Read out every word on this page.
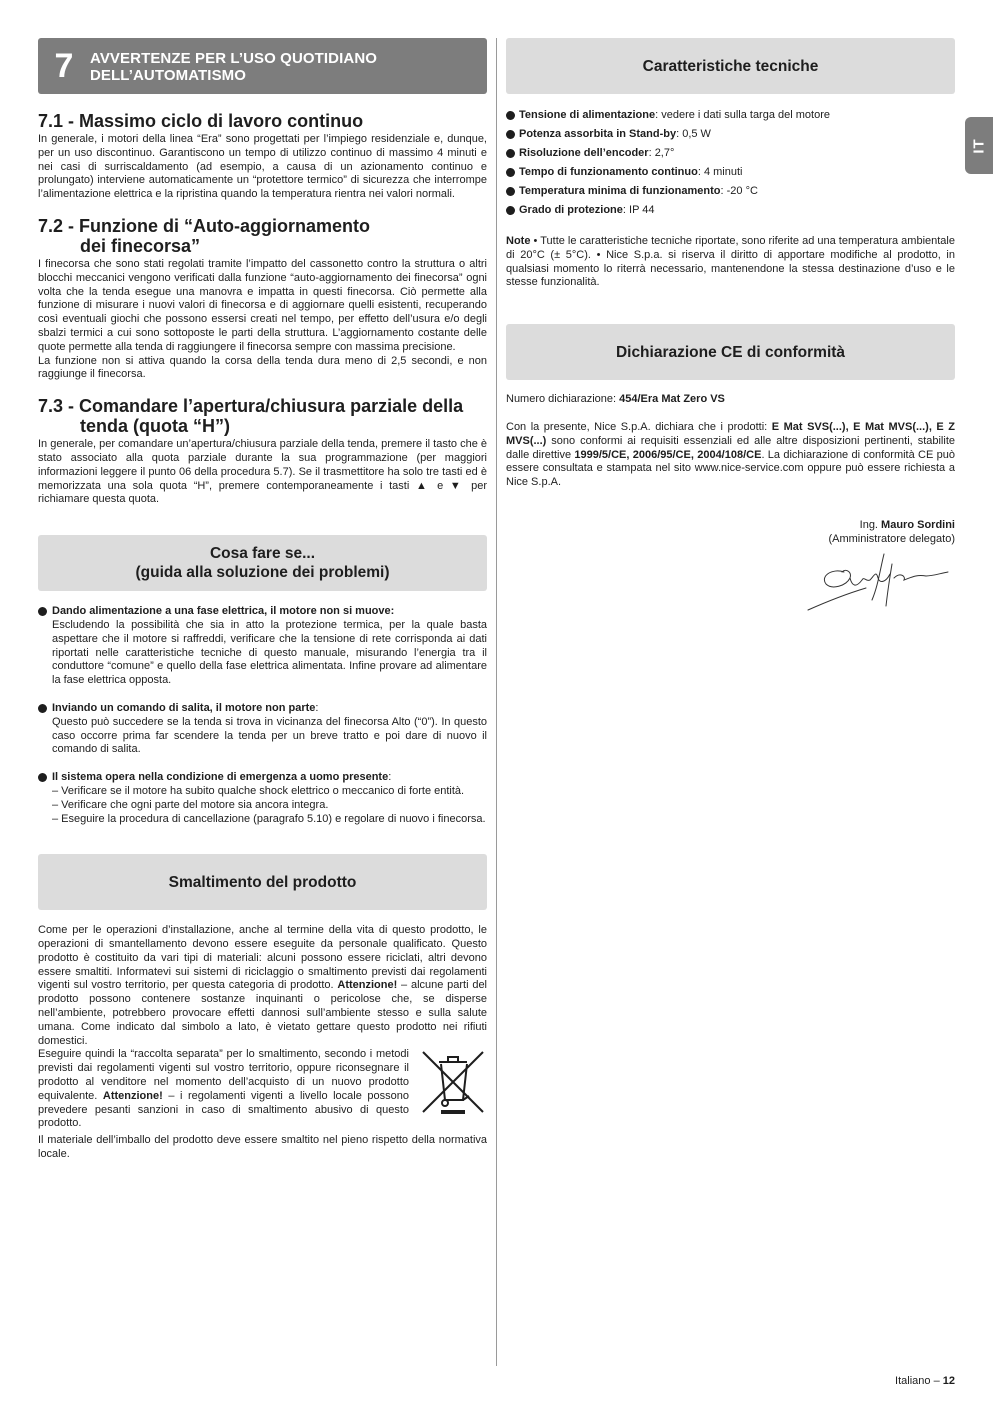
7	AVVERTENZE PER L’USO QUOTIDIANO
DELL’AUTOMATISMO
7.1 - Massimo ciclo di lavoro continuo

In generale, i motori della linea “Era” sono progettati per l’impiego residenziale e, dunque, per un uso discontinuo. Garantiscono un tempo di utilizzo continuo di massimo 4 minuti e nei casi di surriscaldamento (ad esempio, a causa di un azionamento continuo e prolungato) interviene automaticamente un “protettore termico” di sicurezza che interrompe l’alimentazione elettrica e la ripristina quando la temperatura rientra nei valori normali.

7.2 - Funzione di “Auto-aggiornamento
dei finecorsa”

I finecorsa che sono stati regolati tramite l’impatto del cassonetto contro la struttura o altri blocchi meccanici vengono verificati dalla funzione “auto-aggiornamento dei finecorsa” ogni volta che la tenda esegue una manovra e impatta in questi finecorsa. Ciò permette alla funzione di misurare i nuovi valori di finecorsa e di aggiornare quelli esistenti, recuperando così eventuali giochi che possono essersi creati nel tempo, per effetto dell’usura e/o degli sbalzi termici a cui sono sottoposte le parti della struttura. L’aggiornamento costante delle quote permette alla tenda di raggiungere il finecorsa sempre con massima precisione.

La funzione non si attiva quando la corsa della tenda dura meno di 2,5 secondi, e non raggiunge il finecorsa.

7.3 - Comandare l’apertura/chiusura parziale della
tenda (quota “H”)

In generale, per comandare un’apertura/chiusura parziale della tenda, premere il tasto che è stato associato alla quota parziale durante la sua programmazione (per maggiori informazioni leggere il punto 06 della procedura 5.7). Se il trasmettitore ha solo tre tasti ed è memorizzata una sola quota “H”, premere contemporaneamente i tasti ▲ e ▼ per richiamare questa quota.

Cosa fare se...
(guida alla soluzione dei problemi)
Dando alimentazione a una fase elettrica, il motore non si muove:
Escludendo la possibilità che sia in atto la protezione termica, per la quale basta aspettare che il motore si raffreddi, verificare che la tensione di rete corrisponda ai dati riportati nelle caratteristiche tecniche di questo manuale, misurando l’energia tra il conduttore “comune” e quello della fase elettrica alimentata. Infine provare ad alimentare la fase elettrica opposta.
Inviando un comando di salita, il motore non parte:
Questo può succedere se la tenda si trova in vicinanza del finecorsa Alto (“0”). In questo caso occorre prima far scendere la tenda per un breve tratto e poi dare di nuovo il comando di salita.
Il sistema opera nella condizione di emergenza a uomo presente:
– Verificare se il motore ha subito qualche shock elettrico o meccanico di forte entità.
– Verificare che ogni parte del motore sia ancora integra.
– Eseguire la procedura di cancellazione (paragrafo 5.10) e regolare di nuovo i finecorsa.
Smaltimento del prodotto

Come per le operazioni d’installazione, anche al termine della vita di questo prodotto, le operazioni di smantellamento devono essere eseguite da personale qualificato. Questo prodotto è costituito da vari tipi di materiali: alcuni possono essere riciclati, altri devono essere smaltiti. Informatevi sui sistemi di riciclaggio o smaltimento previsti dai regolamenti vigenti sul vostro territorio, per questa categoria di prodotto. Attenzione! – alcune parti del prodotto possono contenere sostanze inquinanti o pericolose che, se disperse nell’ambiente, potrebbero provocare effetti dannosi sull’ambiente stesso e sulla salute umana. Come indicato dal simbolo a lato, è vietato gettare questo prodotto nei rifiuti domestici.

Eseguire quindi la “raccolta separata” per lo smaltimento, secondo i metodi previsti dai regolamenti vigenti sul vostro territorio, oppure riconsegnare il prodotto al venditore nel momento dell’acquisto di un nuovo prodotto equivalente. Attenzione! – i regolamenti vigenti a livello locale possono prevedere pesanti sanzioni in caso di smaltimento abusivo di questo prodotto.

Il materiale dell’imballo del prodotto deve essere smaltito nel pieno rispetto della normativa locale.

Caratteristiche tecniche
Tensione di alimentazione: vedere i dati sulla targa del motore
Potenza assorbita in Stand-by: 0,5 W
Risoluzione dell’encoder: 2,7°
Tempo di funzionamento continuo: 4 minuti
Temperatura minima di funzionamento: -20 °C
Grado di protezione: IP 44

Note • Tutte le caratteristiche tecniche riportate, sono riferite ad una temperatura ambientale di 20°C (± 5°C). • Nice S.p.a. si riserva il diritto di apportare modifiche al prodotto, in qualsiasi momento lo riterrà necessario, mantenendone la stessa destinazione d’uso e le stesse funzionalità.

Dichiarazione CE di conformità

Numero dichiarazione: 454/Era Mat Zero VS

Con la presente, Nice S.p.A. dichiara che i prodotti: E Mat SVS(...), E Mat MVS(...), E Z MVS(...) sono conformi ai requisiti essenziali ed alle altre disposizioni pertinenti, stabilite dalle direttive 1999/5/CE, 2006/95/CE, 2004/108/CE. La dichiarazione di conformità CE può essere consultata e stampata nel sito www.nice-service.com oppure può essere richiesta a Nice S.p.A.

Ing. Mauro Sordini
(Amministratore delegato)
IT
Italiano – 12
